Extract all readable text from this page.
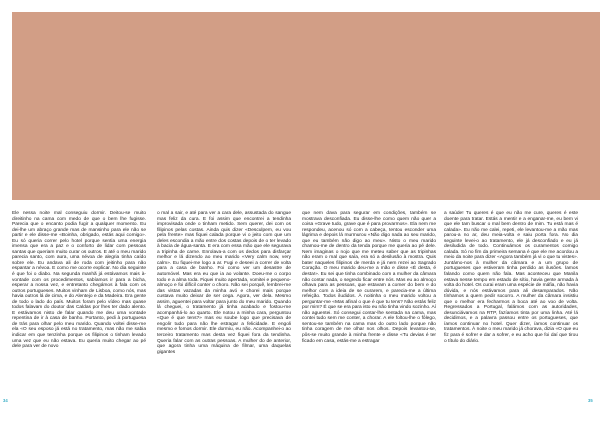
Ele nessa noite mal conseguiu dormir. Deitou-se muito direitinho na cama com medo de que o bem lhe fugisse. Parecia que o encanto podia fugir a qualquer momento. Eu dei-lhe um abraço grande mas de mansinho para ele não se partir e ele disse-me «Boinha, obrigado, estás aqui comigo». Eu só queria correr pelo hotel porque sentia uma energia imensa que era a paz e o conforto de lidar com pessoas santas que queriam muito curar os outros. E até o meu marido parecia santo, com aura, uma névoa de alegria tinha caído sobre ele. Eu andava ali de roda com jeitinho para não espantar a névoa. E como me ocorre explicar. No dia seguinte é que foi o diabo. Na segunda manhã já estávamos mais à-vontade com os procedimentos, sabíamos ir para a bicha, esperar a nossa vez, e entretanto chegámos à fala com os outros portugueses. Muitos vinham de Lisboa, como nós, mas havia outros lá de cima, e do Alentejo e da Madeira. Era gente de todo o lado do país. Muitos foram pelo vídeo mas quase todos falavam do doutor das Caldas por lhes ter dado alento. E estávamos nisto de falar quando me deu uma vontade repentina de ir à casa de banho. Portanto, pedi à portuguesa de trás para olhar pelo meu marido. Quando voltei disse-me ela «O seu esposo já está no tratamento, mas não me sabia indicar em que tenzinha porque os filipinos o tinham levado uma vez que eu não estava. Eu queria muito chegar ao pé dele para ver de novo

o mal a sair, e até para ver a cara dele, assustada do sangue mas feliz da cura. E foi assim que encontrei a tendinha improvisada onde o tinham metido. Sem querer, dei com os filipinos pelas costas. Ainda quis dizer «Desculpem, eu vou pela frente» mas fiquei calada porque vi o jeito com que um deles escondia a mão entre dos costas depois de o ter levado à bacia de água-santa. E era com essa mão que ele segurava a tripinha de carne. Enrolava-a com os dedos para disfarçar melhor e lá dizendo ao meu marido «Very calm now, very calm». Eu fiquei-me logo a ar. Fugi e deseei a correr de volta para a casa de banho. Foi como ver um desastre de automóvel. Mas era eu que ia ao volante. Doeu-me o corpo todo e a alma toda. Fiquei muito apertada, vomitei e pequeno-almoço e foi difícil conter o choro. Não sei porquê, lembrei-me das vistas vazadas da minha avó e chorei mais porque custava muito deixar de ser cega. Agora, ver dela. Mesmo assim, aguentei para voltar para junto do meu marido. Quando lá cheguei, o tratamento já tinha acabado e fostou-me acompanhá-lo ao quarto. Ele notou a minha cara, perguntou «Que é que tens?» mas eu soube logo que precisava de engolir tudo para não lhe estragar a felicidade. E engoli mesmo e fomos dormir. Ele dormiu, eu não. Acompanhei-o ao terceiro tratamento mas desta vez fiquei fora da tendinha. Queria falar com as outras pessoas. A mulher do de anterior, que agora tinha uma máquina de filmar, uma daquelas gigantes

que nem dava para segurar em condições, também se mostrava desconfiada. Eu disse-lhe como quem não quer a coisa «Grave tudo, grave que é para provarmos». Ela nem me respondeu, acenou só com a cabeça, tentou esconder uma lágrima e depois lá murmurou «Não digo nada ao seu marido, que eu também não digo ao meu». Nisto o meu marido chamou-me de dentro da tenda porque me queria ao pé dele. Nem imaginas o nojo que me meteu saber que as tripinhas não eram o mal que saía, era só a desilusão à mostra. Quis bater naqueles filipinos de merda e já nem rezei ao Sagrado Coração. O meu marido deu-me a mão e disse «É desta, é desta!». Eu sei que tinha combinado com a mulher da câmara não contar nada, o segredo ficar entre nós. Mas eu ao almoço olhava para as pessoas, que estavam a comer do bem e do melhor com a ideia de se curarem, e parecia-me a última refeição. Todos iludidos. À noitinha o meu marido voltou a perguntar-me «Mas afinal o que é que tu tens? Não estás feliz por mim? É que se era para isto eu não tinha vindo sozinho. Aí não aguentei. Só consegui contar-lhe sentada na cama, mas contei tudo sem me conter, a chorar. A ele foltou-lhe o fôlego, sentou-se também na cama mas do outro lado porque não tinha coragem de me olhar nos olhos. Depois levantou-se, pôs-se muito grande à minha frente e disse «Tu devias é ter ficado em casa, estás-me a estragar

a saúde! Tu queres é que eu não me cure, queres é este doente para tratar. Estás a mentir e a enganar-me, eu bem vi que ele tam buscar o mal bem dentro de mim. Tu está mas é calada». Eu não me calei, repeti, ele levantou-me a mão mas parou-a no ar, deu meia-volta e saiu porta fora. No dia seguinte levei-o ao tratamento, ele já desconfiado e eu já desiludida de todo. Continuámos os curamentos comigo calada. Só no fim da primeira semana é que ele me acordou a meio da noite para dizer «Agora também já vi o que tu vistes». Juntámo-nos à mulher da câmara e a um grupo de portugueses que estiveram tinha perdido as ilusões. Íamos falando como quem não fala. Mas aconteceu que Manila estava nesse tempo em estado de sítio, havia gente armada à volta do hotel. Os curai eram uma espécie de máfia, não havia dúvida, e nós estávamos para ali desamparados. Não tínhamos a quem pedir socorro. A mulher da câmara insistiu que o melhor era fecharmos a boca até ao voo de volta. Regressados a Portugal, falámos com as autoridades, desunciávamos na RTP, fazíamos tinta por uma linha. Até lá decidimos, e a palavra passou entre os portugueses, que íamos continuar no hotel. Quer dizer, íamos continuar os tratamentos. À noite o meu marido já chorava, dizia «O que eu fiz para é sofrer e dar a sofrer, e eu acho que foi daí que tirou o título do diário.

34	35
